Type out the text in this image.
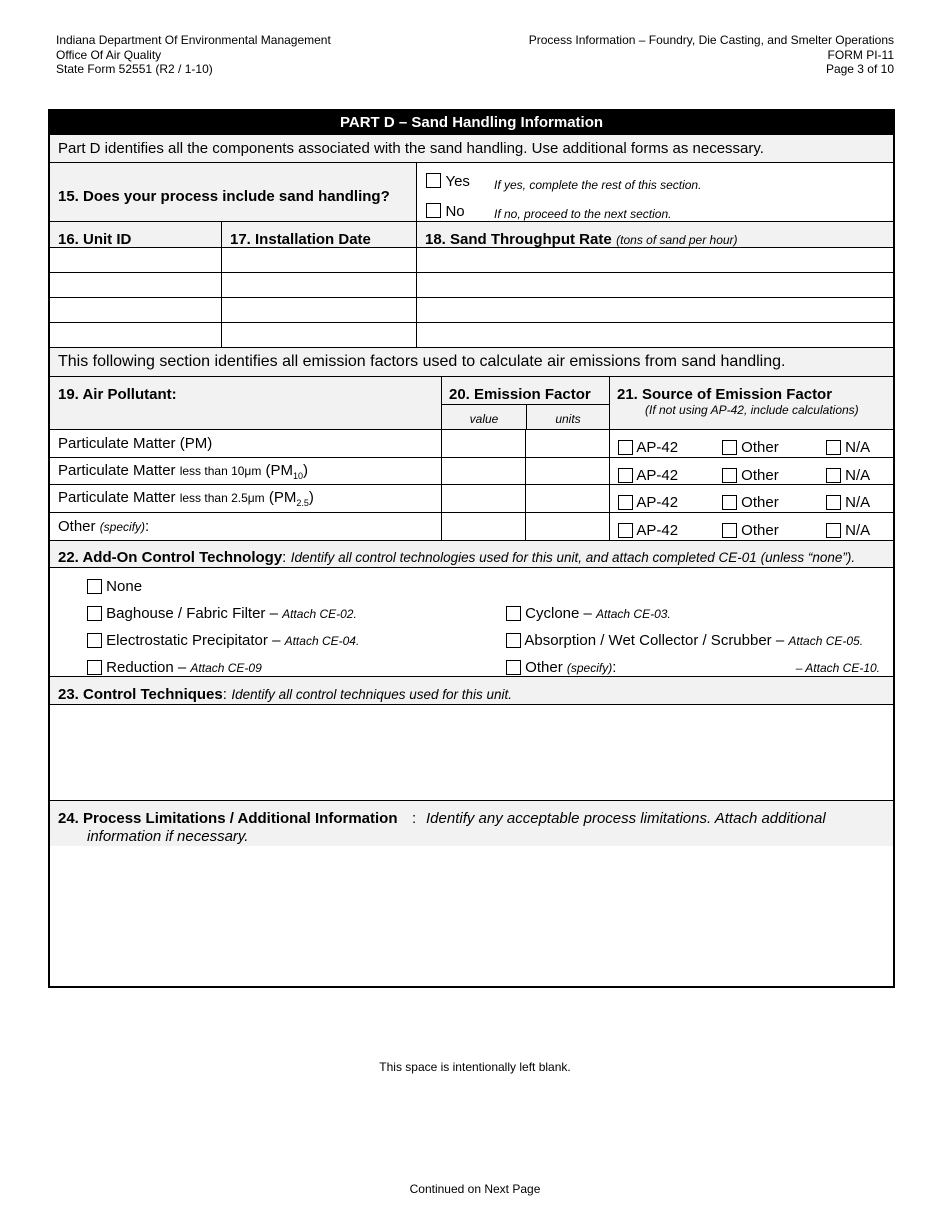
Indiana Department Of Environmental Management
Office Of Air Quality
State Form 52551 (R2 / 1-10)
Process Information – Foundry, Die Casting, and Smelter Operations
FORM PI-11
Page 3 of 10
PART D – Sand Handling Information
Part D identifies all the components associated with the sand handling. Use additional forms as necessary.
15. Does your process include sand handling?
Yes If yes, complete the rest of this section.
No If no, proceed to the next section.
16. Unit ID	17. Installation Date	18. Sand Throughput Rate (tons of sand per hour)
This following section identifies all emission factors used to calculate air emissions from sand handling.
19. Air Pollutant:	20. Emission Factor
value	units
21. Source of Emission Factor
(If not using AP-42, include calculations)
Particulate Matter (PM)	AP-42	Other	N/A
Particulate Matter less than 10μm $(PM_{10})$	AP-42	Other	N/A
Particulate Matter less than 2.5μm $(PM_{2.5})$	AP-42	Other	N/A
Other (specify):	AP-42	Other	N/A
22. Add-On Control Technology: Identify all control technologies used for this unit, and attach completed CE-01 (unless “none”).
None
Baghouse / Fabric Filter – Attach CE-02.	Cyclone – Attach CE-03.
Electrostatic Precipitator – Attach CE-04.	Absorption / Wet Collector / Scrubber – Attach CE-05.
Reduction – Attach CE-09	Other (specify):	– Attach CE-10.
23. Control Techniques: Identify all control techniques used for this unit.
24. Process Limitations / Additional Information : Identify any acceptable process limitations. Attach additional
information if necessary.
This space is intentionally left blank.
Continued on Next Page
